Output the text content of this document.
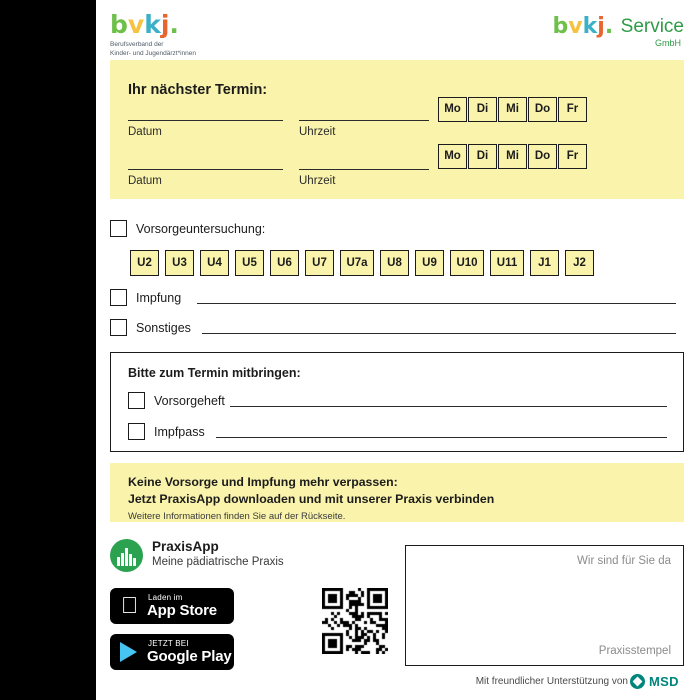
bvkj.
Berufsverband der
Kinder- und Jugendärzt*innen
bvkj. Service
GmbH
Ihr nächster Termin:
Datum	Uhrzeit
Mo	Di	Mi	Do	Fr
Datum	Uhrzeit
Mo	Di	Mi	Do	Fr
Vorsorgeuntersuchung:
U2	U3	U4	U5	U6	U7	U7a	U8	U9	U10	U11	J1	J2
Impfung
Sonstiges
Bitte zum Termin mitbringen:
Vorsorgeheft
Impfpass
Keine Vorsorge und Impfung mehr verpassen:
Jetzt PraxisApp downloaden und mit unserer Praxis verbinden
Weitere Informationen finden Sie auf der Rückseite.
PraxisApp
Meine pädiatrische Praxis
Laden im
App Store
JETZT BEI
Google Play
Wir sind für Sie da
Praxisstempel
Mit freundlicher Unterstützung von MSD
